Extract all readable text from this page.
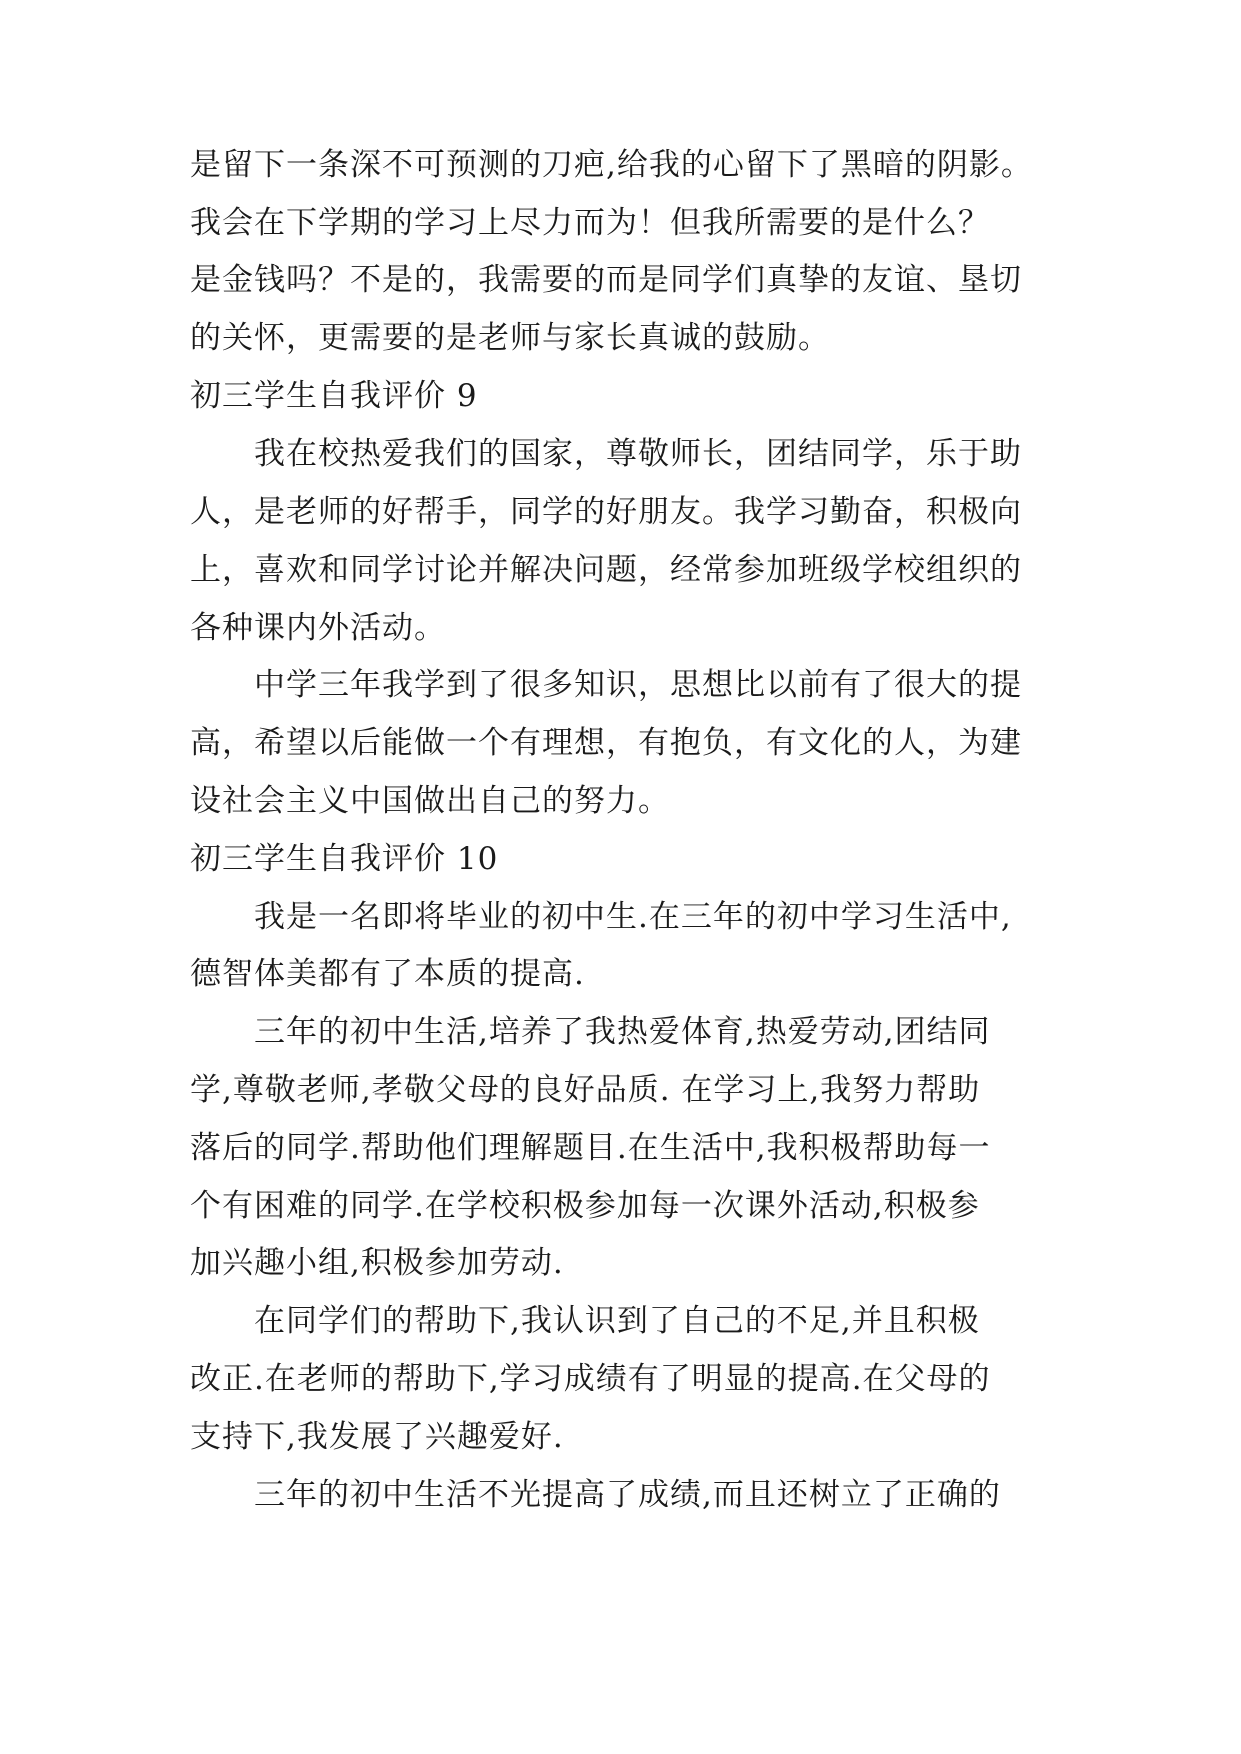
是留下一条深不可预测的刀疤,给我的心留下了黑暗的阴影。
我会在下学期的学习上尽力而为！但我所需要的是什么？
是金钱吗？不是的，我需要的而是同学们真挚的友谊、垦切
的关怀，更需要的是老师与家长真诚的鼓励。
初三学生自我评价 9
我在校热爱我们的国家，尊敬师长，团结同学，乐于助
人，是老师的好帮手，同学的好朋友。我学习勤奋，积极向
上，喜欢和同学讨论并解决问题，经常参加班级学校组织的
各种课内外活动。
中学三年我学到了很多知识，思想比以前有了很大的提
高，希望以后能做一个有理想，有抱负，有文化的人，为建
设社会主义中国做出自己的努力。
初三学生自我评价 10
我是一名即将毕业的初中生.在三年的初中学习生活中,
德智体美都有了本质的提高.
三年的初中生活,培养了我热爱体育,热爱劳动,团结同
学,尊敬老师,孝敬父母的良好品质. 在学习上,我努力帮助
落后的同学.帮助他们理解题目.在生活中,我积极帮助每一
个有困难的同学.在学校积极参加每一次课外活动,积极参
加兴趣小组,积极参加劳动.
在同学们的帮助下,我认识到了自己的不足,并且积极
改正.在老师的帮助下,学习成绩有了明显的提高.在父母的
支持下,我发展了兴趣爱好.
三年的初中生活不光提高了成绩,而且还树立了正确的
